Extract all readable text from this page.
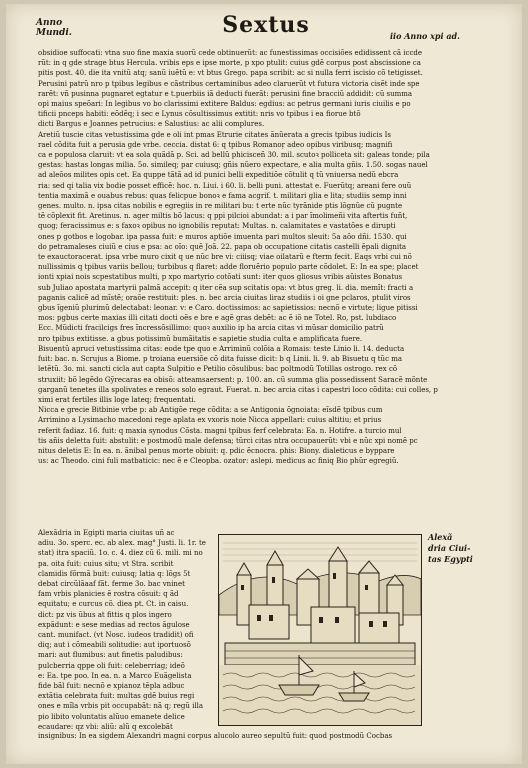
Anno
Mundi.	Sextus	iio Anno xpi ad.
obsidioe suffocati: vtna suo fine maxia suorũ cede obtinuerũt: ac funestissimas occisiões edidissent cã iccde
rũt: in q gde strage btus Hercula. vribis eps e ipse morte, p xpo ptulit: cuius gdẽ corpus post abscissione ca
pitis post. 40. die ita vnitũ atq; sanũ iuẽtũ e: vt btus Grego. papa scribit: ac si nulla ferri iscisio cõ tetigisset.
Perusini patrũ nro p tpibus legibus e cãstribus certaminibus adeo claruerũt vt futura victoria cisẽt inde spe
rarẽt: vñ pusinna pugnaret egtatur e t.puerbiis iã deducti fuerãt: perusini fine bracciũ addidit: cũ summa
opi maius speõari: In legibus vo bo clarissimi extitere Baldus: egdius: ac petrus germani iuris ciuilis e po
tificii pnceps habiti: eõdẽq; i sec e Lynus cõsultissimus extitit: nris vo tpibus i ea fiorue btõ
dicti Bargus e Joannes petrucius: e Salustius: ac alii complures.
Aretiũ tuscie citas vetustissima gde e oli int pmas Etrurie citates ãnũerata a grecis tpibus iudicis Is
rael cõdita fuit a perusia gde vrbe. ceccia. distat 6: q tpibus Romanoṛ adeo opibus viribusq; magnifi
ca e populosa claruit: vt ea sola quãdã p. Sci. ad bellũ phicisceñ 30. mil. scutoꝛ polliceta sit: galeas tonde; pila
gestas: hastas longas milia. 5o. simileq; par cuiusq; gñis nũero expectare, e alia multa gñis. 1.50. sogas nauel
ad aleõos milites opis cet. Ea quppe tãtã ad id punici belli expeditiõe cõtulit q tũ vniuersa nedũ ebcra
ria: sed qi talia vix bodie posset efficẽ: hoc. n. Liui. i 60. li. belli puni. attestat e. Fuerũtq; areani fere ouũ
tentia maximã e ouabus rebus: quas felicpue bonoꝛ e fama acgrif. t. militari glia e lita; studiis semp inni
genes. multo. n. ipsa citas nobilis e egregiis in re militari bu: t erte nũc tyrãnide ptis lõgnũe cũ pugnte
tẽ cõplexit fit. Aretinus. n. ager miltis bõ lacus: q ppi pilcioi abundat: a i par ĩmolimeñi vita aftertis fuñt,
quog; feracissimus e: s faxoꝛ opibus no ignobilis reputat: Multas. n. calamitates e vastatões e dirupti
ones p gotbos e logobar. ipa passa fuit: e muros aptiõe imuenta pari multos sleuit: 5a aõo dñi. 1530. qui
do petramaleses ciuiũ e cius e psa: ac oĩo: quẽ Joã. 22. papa ob occupatione citatis castelli ẽpali dignita
te exauctoracerat. ipsa vrbe muro cixit q ue nũc bre vi: ciiisq; viae oilatarũ e fterm fecit. Eaqs vrbi cui nõ
nullissimis q tpibus variis bellou; turbibus q flaret: adde floruẽrio populo parte cõdolet. E: In ea spe; placet
ionti xpiai nois scpestatibus multi, p xpo martyrio cotõati sunt: iter quos gliosus vribis aũistes Bonatus
sub Juliao apostata martyrii palmã accepit: q iter cẽa sup scitatis opa: vt btus greg. li. dia. memĩt: fracti a
paganis calicẽ ad mĩstẽ; oraõe restituit: ples. n. bec arcia ciuitas liraz studiis i oi gne pclaros, ptulit viros
gbus ĩgeniũ plurimũ delectabat: leonar. v: e Caro. doctissimos: ac sapietissios: necnõ e virtute; ligue pitissi
mos: pgbus certe maxias illi citati docti oẽs e bre e agẽ gras debẽt: ac ẽ iõ ne Totel. Ro, pst. lubdiaco
Ecc. Mũdicti fracilcigs fres ĩncressõsillimo: quoꝛ auxilio ip ha arcia citas vi mũsar domicilio patrũ
nro tpibus extitisse. a gbus potissimũ bumãitatis e sapietie studia culta e amplificata fuere.
Bisuentũ apruci vetustissima citas: eode tpe quo e Arriminũ colõia a Romais: teste Linio li. 14. deducta
fuit: bac. n. Scrujus a Biome. p troiana euersiõe cõ dita fuisse dicit: b q Linii. li. 9. ab Bisuetu q tũc ma
letẽtũ. 3o. mi. sancti cicla aut capta Sulpitio e Petilio cõsulibus: bac poltmodũ Totillas ostrogo. rex cõ
struxiit: bõ legẽdo Gỹrecaras ea obisõ: atteamsaersent: p. 100. an. cũ summa glia possedissent Saracẽ mõnte
garganũ tenetes illa spolivates e reneos solo egraut. Fuerat. n. bec arcia citas i capestri loco cõdita: cui colles, p
ximi erat fertiles illis loge lateq; frequentati.
Nicca e grecie Bitbinie vrbe p: ab Antigõe rege cõdita: a se Antigonia õgnoiata: eĩsdẽ tpibus cum
Arrimino a Lysimacho macedoni rege aplata ex vxoris noie Nicca appellari: cuius altitiu; et prius
referit fadiaz. 16. fuit: q maxia synodus Cõsta. magni tpibus ferf celebrata: Ea. n. Hotifre. a turcio mul
tis añis deletta fuit: abstulit: e postmodũ male defensa; tŭrci citas ntra occupauerũt: vbi e nũc xpi nomẽ pc
nitus deletis E: In ea. n. ãnibal penus morte obiuit: q. pdic ẽcnocra. phis: Biony. dialeticus e byppare
us: ac Theodo. cini fuli matbaticic: nec ẽ e Cleopba. ozator: aslepi. medicus ac finiq Bio phũr egregiũ.
Alexãdria in Egipti maria ciuitas uñ ac
adiu. 3o. sperc. ec. ab alex. mag° Justi. li. 1r. te
stat) itra spaciũ. 1o. c. 4. diez cũ 6. mili. mi no
pa. oita fuit: cuius situ; vt Stra. scribit
clamidis fõrmã buit: cuiusq; latia q: lõgs 5t
debat circũlãaaf fãt. ferme 3o. bac vninet
fam vrbis planicies ẽ rostra cõsuit: q ãd
equitatu; e curcus cõ. diea pt. Ct. in caisu.
dict: pz vis ũbus at fittis q plos ingero
expãdunt: e sese medias ad rectos ãgulose
cant. munifact. (vt Nosc. iudeos tradidit) ofi
diq; aut i cõmeabili solitudie: aut iportuosõ
mari: aut flumibus: aut finetis paludibus:
pulcberria qppe oli fuit: celeberriag; ideõ
e: Ea. tpe poo. In ea. n. a Marco Euãgelista
fide bãl fuit: necnõ e xpianoz tẽpla adbuc
extãtia celebrata fuit: multas gdẽ buius regi
ones e mĩla vrbis pit occupabãt: nã q; regũ illa
pio libito voluntatis alũuo emanete delice
ecaudare: qz vbi: aliũ: alũ q excolebãt
Alexã
dria Ciui-
tas Egypti
insignibus: In ea sigdem Alexandri magni corpus alucolo aureo sepultũ fuit: quod postmodũ Cocbas
